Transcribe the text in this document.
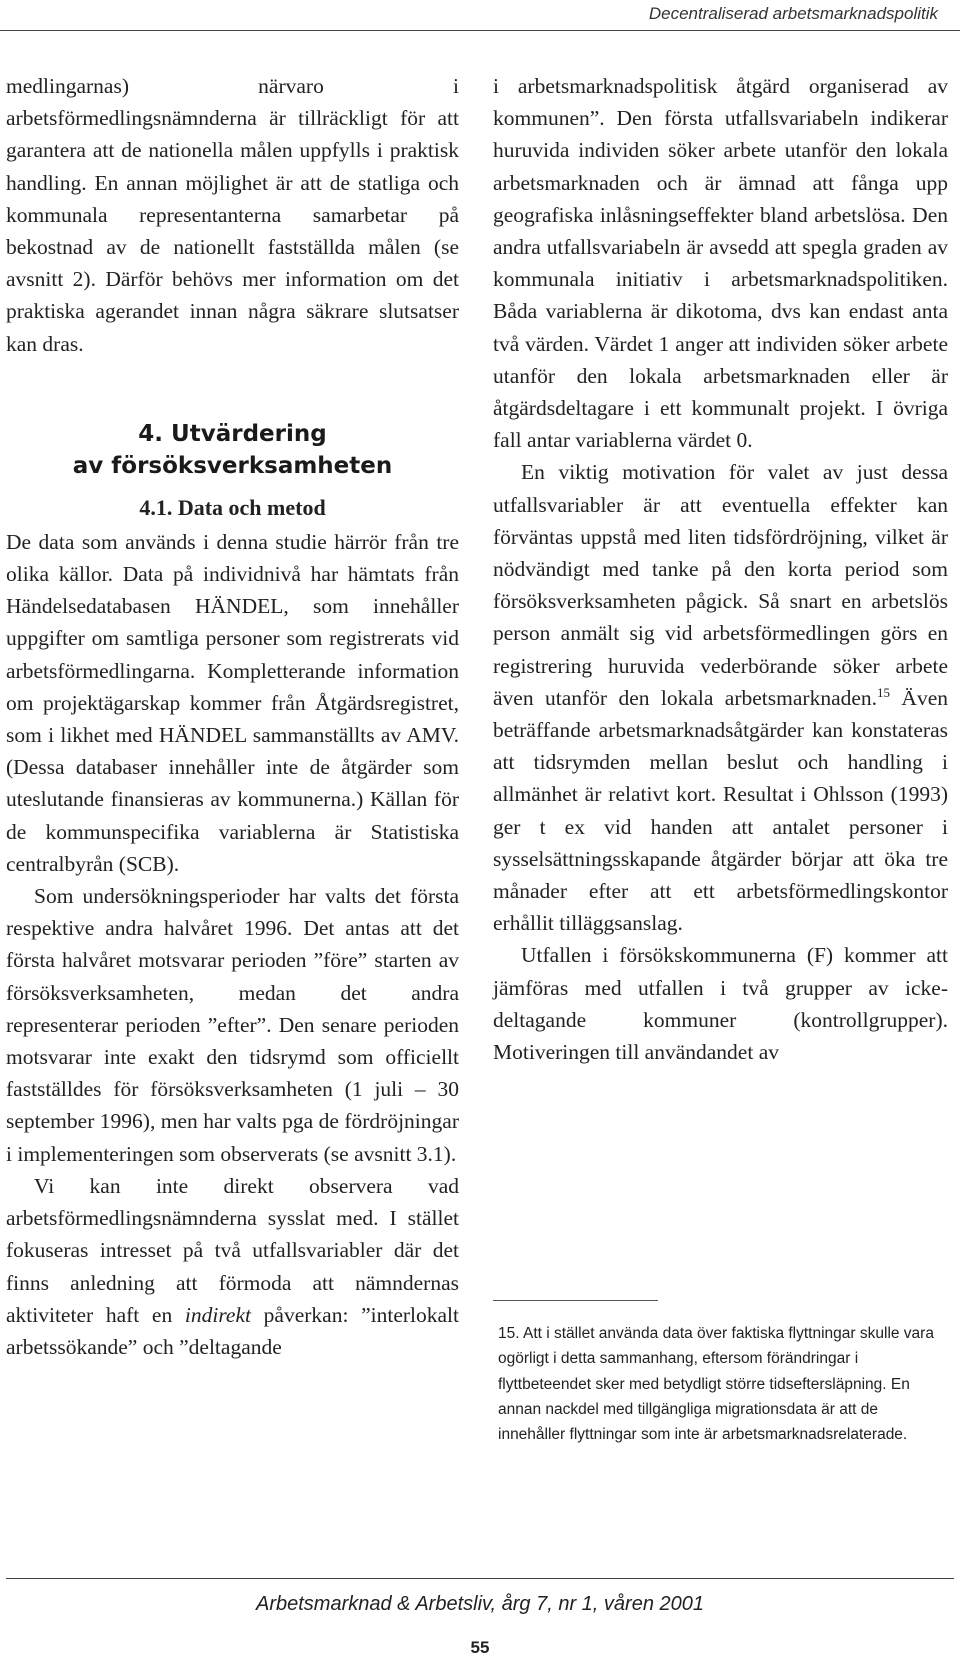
Decentraliserad arbetsmarknadspolitik

medlingarnas) närvaro i arbetsförmedlingsnämnderna är tillräckligt för att garantera att de nationella målen uppfylls i praktisk handling. En annan möjlighet är att de statliga och kommunala representanterna samarbetar på bekostnad av de nationellt fastställda målen (se avsnitt 2). Därför behövs mer information om det praktiska agerandet innan några säkrare slutsatser kan dras.

4. Utvärdering
av försöksverksamheten
4.1. Data och metod

De data som används i denna studie härrör från tre olika källor. Data på individnivå har hämtats från Händelsedatabasen HÄNDEL, som innehåller uppgifter om samtliga personer som registrerats vid arbetsförmedlingarna. Kompletterande information om projektägarskap kommer från Åtgärdsregistret, som i likhet med HÄNDEL sammanställts av AMV. (Dessa databaser innehåller inte de åtgärder som uteslutande finansieras av kommunerna.) Källan för de kommunspecifika variablerna är Statistiska centralbyrån (SCB).

Som undersökningsperioder har valts det första respektive andra halvåret 1996. Det antas att det första halvåret motsvarar perioden ”före” starten av försöksverksamheten, medan det andra representerar perioden ”efter”. Den senare perioden motsvarar inte exakt den tidsrymd som officiellt fastställdes för försöksverksamheten (1 juli – 30 september 1996), men har valts pga de fördröjningar i implementeringen som observerats (se avsnitt 3.1).

Vi kan inte direkt observera vad arbetsförmedlingsnämnderna sysslat med. I stället fokuseras intresset på två utfallsvariabler där det finns anledning att förmoda att nämndernas aktiviteter haft en indirekt påverkan: ”interlokalt arbetssökande” och ”deltagande

i arbetsmarknadspolitisk åtgärd organiserad av kommunen”. Den första utfallsvariabeln indikerar huruvida individen söker arbete utanför den lokala arbetsmarknaden och är ämnad att fånga upp geografiska inlåsningseffekter bland arbetslösa. Den andra utfallsvariabeln är avsedd att spegla graden av kommunala initiativ i arbetsmarknadspolitiken. Båda variablerna är dikotoma, dvs kan endast anta två värden. Värdet 1 anger att individen söker arbete utanför den lokala arbetsmarknaden eller är åtgärdsdeltagare i ett kommunalt projekt. I övriga fall antar variablerna värdet 0.

En viktig motivation för valet av just dessa utfallsvariabler är att eventuella effekter kan förväntas uppstå med liten tidsfördröjning, vilket är nödvändigt med tanke på den korta period som försöksverksamheten pågick. Så snart en arbetslös person anmält sig vid arbetsförmedlingen görs en registrering huruvida vederbörande söker arbete även utanför den lokala arbetsmarknaden.$^{15}$ Även beträffande arbetsmarknadsåtgärder kan konstateras att tidsrymden mellan beslut och handling i allmänhet är relativt kort. Resultat i Ohlsson (1993) ger t ex vid handen att antalet personer i sysselsättningsskapande åtgärder börjar att öka tre månader efter att ett arbetsförmedlingskontor erhållit tilläggsanslag.

Utfallen i försökskommunerna (F) kommer att jämföras med utfallen i två grupper av icke-deltagande kommuner (kontrollgrupper). Motiveringen till användandet av

15. Att i stället använda data över faktiska flyttningar skulle vara ogörligt i detta sammanhang, eftersom förändringar i flyttbeteendet sker med betydligt större tidseftersläpning. En annan nackdel med tillgängliga migrationsdata är att de innehåller flyttningar som inte är arbetsmarknadsrelaterade.
Arbetsmarknad & Arbetsliv, årg 7, nr 1, våren 2001
55
